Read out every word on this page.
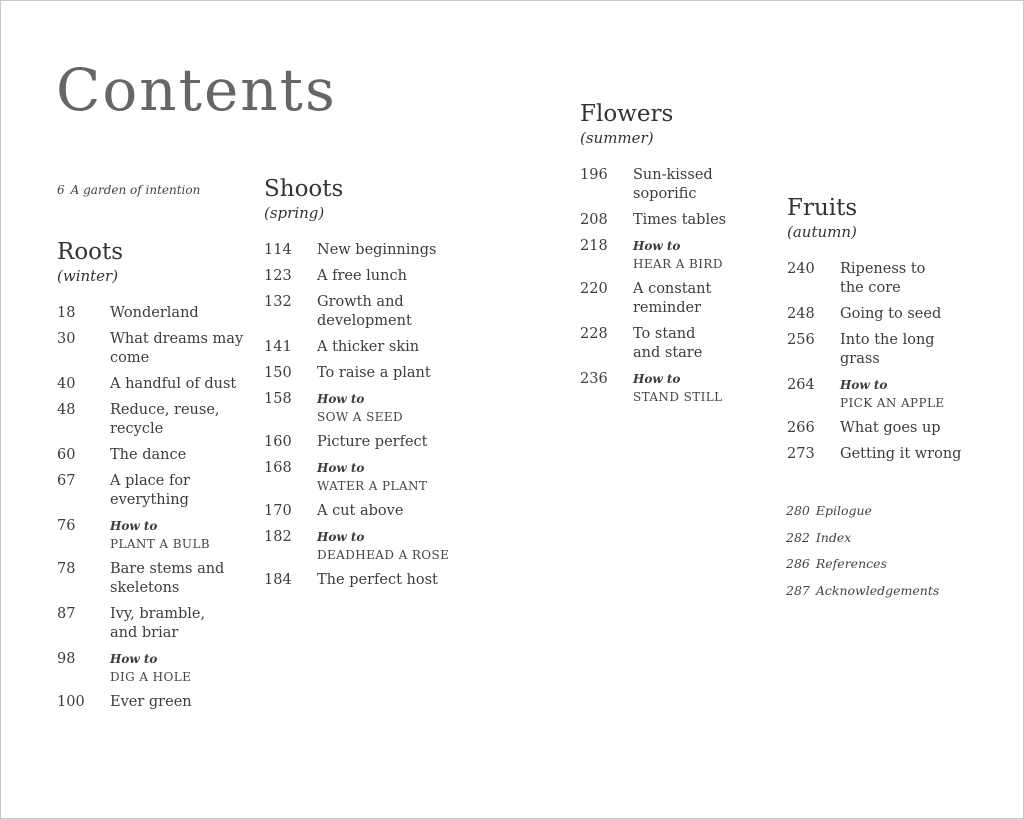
Contents
6 A garden of intention
Roots
(winter)
18	Wonderland
30	What dreams may
come
40	A handful of dust
48	Reduce, reuse,
recycle
60	The dance
67	A place for
everything
76	How to
PLANT A BULB
78	Bare stems and
skeletons
87	Ivy, bramble,
and briar
98	How to
DIG A HOLE
100	Ever green
Shoots
(spring)
114	New beginnings
123	A free lunch
132	Growth and
development
141	A thicker skin
150	To raise a plant
158	How to
SOW A SEED
160	Picture perfect
168	How to
WATER A PLANT
170	A cut above
182	How to
DEADHEAD A ROSE
184	The perfect host
Flowers
(summer)
196	Sun-kissed
soporific
208	Times tables
218	How to
HEAR A BIRD
220	A constant
reminder
228	To stand
and stare
236	How to
STAND STILL
Fruits
(autumn)
240	Ripeness to
the core
248	Going to seed
256	Into the long
grass
264	How to
PICK AN APPLE
266	What goes up
273	Getting it wrong
280 Epilogue
282 Index
286 References
287 Acknowledgements
